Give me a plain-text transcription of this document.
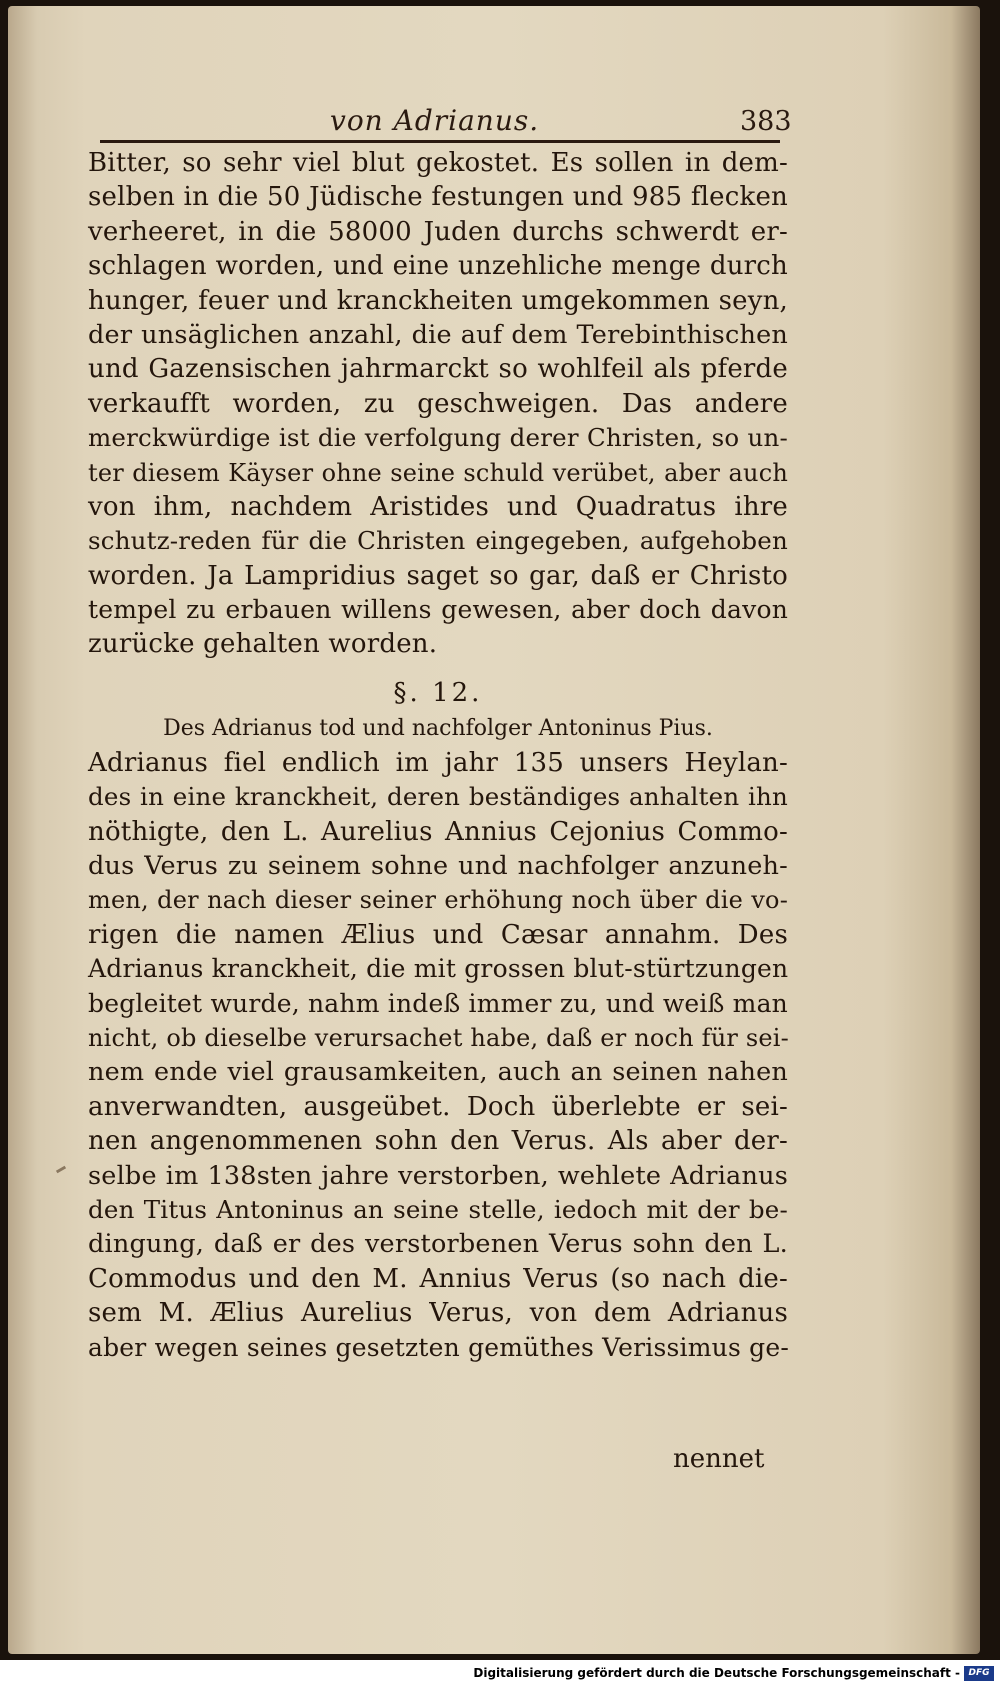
von Adrianus.	383
Bitter, so sehr viel blut gekostet. Es sollen in dem-
selben in die 50 Jüdische festungen und 985 flecken
verheeret, in die 58000 Juden durchs schwerdt er-
schlagen worden, und eine unzehliche menge durch
hunger, feuer und kranckheiten umgekommen seyn,
der unsäglichen anzahl, die auf dem Terebinthischen
und Gazensischen jahrmarckt so wohlfeil als pferde
verkaufft worden, zu geschweigen. Das andere
merckwürdige ist die verfolgung derer Christen, so un-
ter diesem Käyser ohne seine schuld verübet, aber auch
von ihm, nachdem Aristides und Quadratus ihre
schutz-reden für die Christen eingegeben, aufgehoben
worden. Ja Lampridius saget so gar, daß er Christo
tempel zu erbauen willens gewesen, aber doch davon
zurücke gehalten worden.
§. 12.
Des Adrianus tod und nachfolger Antoninus Pius.
Adrianus fiel endlich im jahr 135 unsers Heylan-
des in eine kranckheit, deren beständiges anhalten ihn
nöthigte, den L. Aurelius Annius Cejonius Commo-
dus Verus zu seinem sohne und nachfolger anzuneh-
men, der nach dieser seiner erhöhung noch über die vo-
rigen die namen Ælius und Cæsar annahm. Des
Adrianus kranckheit, die mit grossen blut-stürtzungen
begleitet wurde, nahm indeß immer zu, und weiß man
nicht, ob dieselbe verursachet habe, daß er noch für sei-
nem ende viel grausamkeiten, auch an seinen nahen
anverwandten, ausgeübet. Doch überlebte er sei-
nen angenommenen sohn den Verus. Als aber der-
selbe im 138sten jahre verstorben, wehlete Adrianus
den Titus Antoninus an seine stelle, iedoch mit der be-
dingung, daß er des verstorbenen Verus sohn den L.
Commodus und den M. Annius Verus (so nach die-
sem M. Ælius Aurelius Verus, von dem Adrianus
aber wegen seines gesetzten gemüthes Verissimus ge-
nennet
Digitalisierung gefördert durch die Deutsche Forschungsgemeinschaft - DFG
